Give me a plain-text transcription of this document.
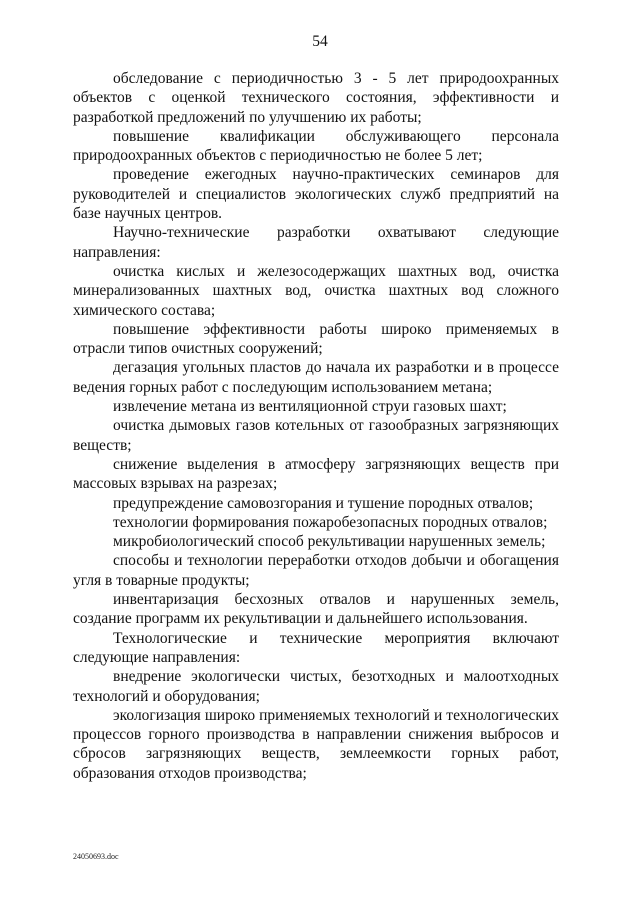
54

обследование с периодичностью 3 - 5 лет природоохранных объектов с оценкой технического состояния, эффективности и разработкой предложений по улучшению их работы;

повышение квалификации обслуживающего персонала природоохранных объектов с периодичностью не более 5 лет;

проведение ежегодных научно-практических семинаров для руководителей и специалистов экологических служб предприятий на базе научных центров.

Научно-технические разработки охватывают следующие направления:

очистка кислых и железосодержащих шахтных вод, очистка минерализованных шахтных вод, очистка шахтных вод сложного химического состава;

повышение эффективности работы широко применяемых в отрасли типов очистных сооружений;

дегазация угольных пластов до начала их разработки и в процессе ведения горных работ с последующим использованием метана;

извлечение метана из вентиляционной струи газовых шахт;

очистка дымовых газов котельных от газообразных загрязняющих веществ;

снижение выделения в атмосферу загрязняющих веществ при массовых взрывах на разрезах;

предупреждение самовозгорания и тушение породных отвалов;

технологии формирования пожаробезопасных породных отвалов;

микробиологический способ рекультивации нарушенных земель;

способы и технологии переработки отходов добычи и обогащения угля в товарные продукты;

инвентаризация бесхозных отвалов и нарушенных земель, создание программ их рекультивации и дальнейшего использования.

Технологические и технические мероприятия включают следующие направления:

внедрение экологически чистых, безотходных и малоотходных технологий и оборудования;

экологизация широко применяемых технологий и технологических процессов горного производства в направлении снижения выбросов и сбросов загрязняющих веществ, землеемкости горных работ, образования отходов производства;

24050693.doc
